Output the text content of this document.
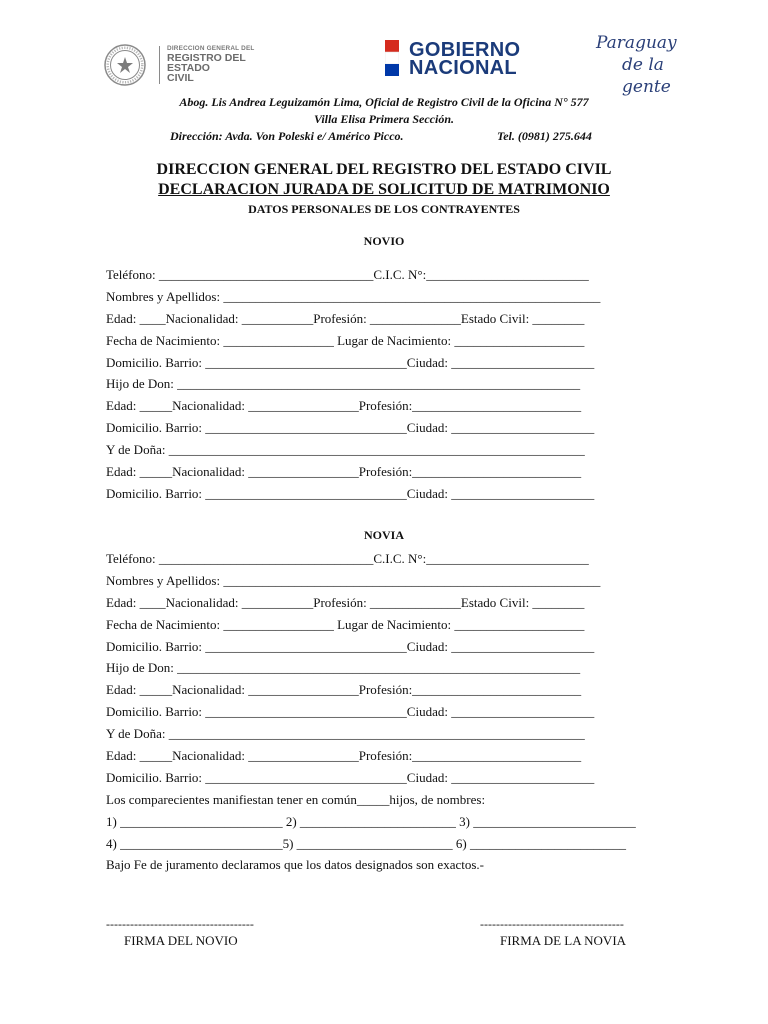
DIRECCION GENERAL DEL
REGISTRO DEL
ESTADO
CIVIL
GOBIERNO
NACIONAL
Paraguay
de la gente
Abog. Lis Andrea Leguizamón Lima, Oficial de Registro Civil de la Oficina N° 577
Villa Elisa Primera Sección.
Dirección: Avda. Von Poleski e/ Américo Picco.	Tel. (0981) 275.644
DIRECCION GENERAL DEL REGISTRO DEL ESTADO CIVIL
DECLARACION JURADA DE SOLICITUD DE MATRIMONIO
DATOS PERSONALES DE LOS CONTRAYENTES
NOVIO
Teléfono: _________________________________C.I.C. N°:_________________________
Nombres y Apellidos: __________________________________________________________
Edad: ____Nacionalidad: ___________Profesión: ______________Estado Civil: ________
Fecha de Nacimiento: _________________ Lugar de Nacimiento: ____________________
Domicilio. Barrio: _______________________________Ciudad: ______________________
Hijo de Don: ______________________________________________________________
Edad: _____Nacionalidad: _________________Profesión:__________________________
Domicilio. Barrio: _______________________________Ciudad: ______________________
Y de Doña: ________________________________________________________________
Edad: _____Nacionalidad: _________________Profesión:__________________________
Domicilio. Barrio: _______________________________Ciudad: ______________________
NOVIA
Teléfono: _________________________________C.I.C. N°:_________________________
Nombres y Apellidos: __________________________________________________________
Edad: ____Nacionalidad: ___________Profesión: ______________Estado Civil: ________
Fecha de Nacimiento: _________________ Lugar de Nacimiento: ____________________
Domicilio. Barrio: _______________________________Ciudad: ______________________
Hijo de Don: ______________________________________________________________
Edad: _____Nacionalidad: _________________Profesión:__________________________
Domicilio. Barrio: _______________________________Ciudad: ______________________
Y de Doña: ________________________________________________________________
Edad: _____Nacionalidad: _________________Profesión:__________________________
Domicilio. Barrio: _______________________________Ciudad: ______________________
Los comparecientes manifiestan tener en común_____hijos, de nombres:
1) _________________________ 2) ________________________ 3) _________________________
4) _________________________5) ________________________ 6) ________________________
Bajo Fe de juramento declaramos que los datos designados son exactos.-
-------------------------------------	------------------------------------
FIRMA DEL NOVIO	FIRMA DE LA NOVIA
